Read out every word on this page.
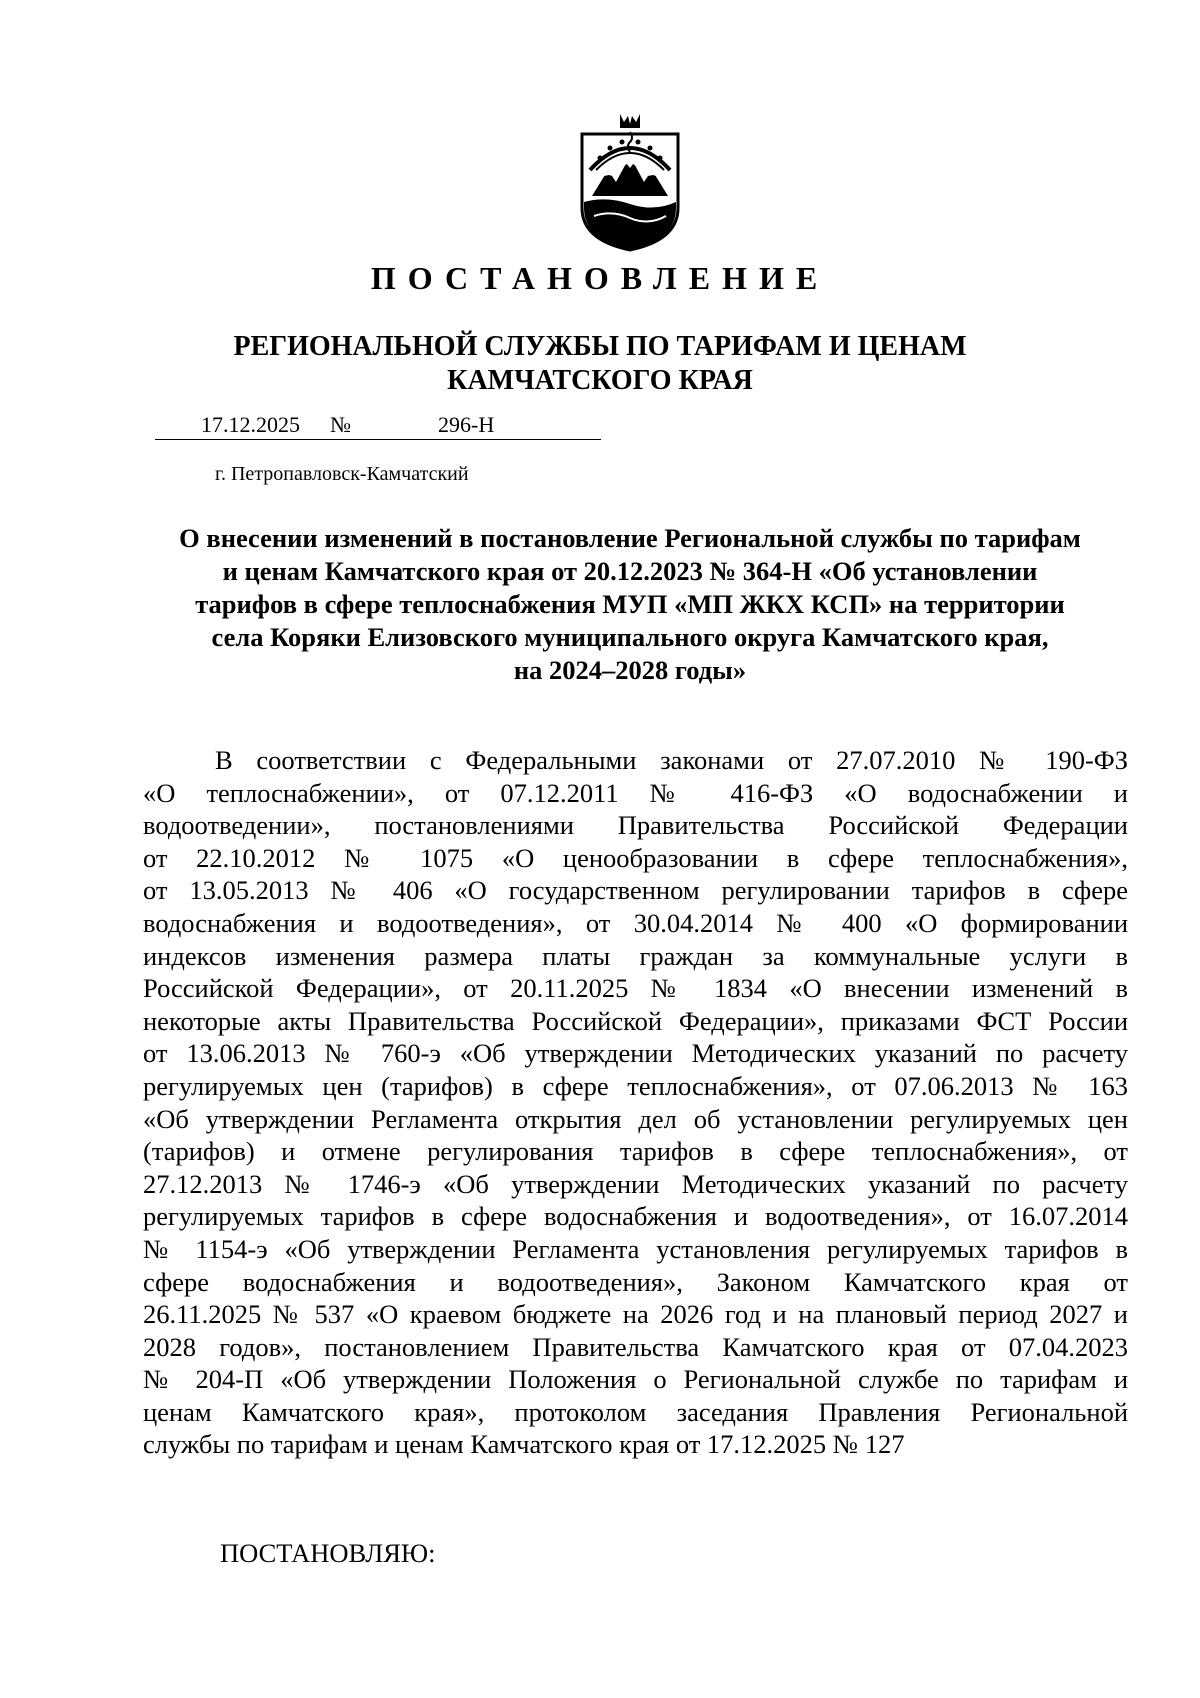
ПОСТАНОВЛЕНИЕ
РЕГИОНАЛЬНОЙ СЛУЖБЫ ПО ТАРИФАМ И ЦЕНАМ
КАМЧАТСКОГО КРАЯ
17.12.2025 №	296-Н
г. Петропавловск-Камчатский
О внесении изменений в постановление Региональной службы по тарифам
и ценам Камчатского края от 20.12.2023 № 364-Н «Об установлении
тарифов в сфере теплоснабжения МУП «МП ЖКХ КСП» на территории
села Коряки Елизовского муниципального округа Камчатского края,
на 2024–2028 годы»
В соответствии с Федеральными законами от 27.07.2010 № 190-ФЗ
«О теплоснабжении», от 07.12.2011 № 416-ФЗ «О водоснабжении и
водоотведении», постановлениями Правительства Российской Федерации
от 22.10.2012 № 1075 «О ценообразовании в сфере теплоснабжения»,
от 13.05.2013 № 406 «О государственном регулировании тарифов в сфере
водоснабжения и водоотведения», от 30.04.2014 № 400 «О формировании
индексов изменения размера платы граждан за коммунальные услуги в
Российской Федерации», от 20.11.2025 № 1834 «О внесении изменений в
некоторые акты Правительства Российской Федерации», приказами ФСТ России
от 13.06.2013 № 760-э «Об утверждении Методических указаний по расчету
регулируемых цен (тарифов) в сфере теплоснабжения», от 07.06.2013 № 163
«Об утверждении Регламента открытия дел об установлении регулируемых цен
(тарифов) и отмене регулирования тарифов в сфере теплоснабжения», от
27.12.2013 № 1746-э «Об утверждении Методических указаний по расчету
регулируемых тарифов в сфере водоснабжения и водоотведения», от 16.07.2014
№ 1154-э «Об утверждении Регламента установления регулируемых тарифов в
сфере водоснабжения и водоотведения», Законом Камчатского края от
26.11.2025 № 537 «О краевом бюджете на 2026 год и на плановый период 2027 и
2028 годов», постановлением Правительства Камчатского края от 07.04.2023
№ 204-П «Об утверждении Положения о Региональной службе по тарифам и
ценам Камчатского края», протоколом заседания Правления Региональной
службы по тарифам и ценам Камчатского края от 17.12.2025 № 127
ПОСТАНОВЛЯЮ:
